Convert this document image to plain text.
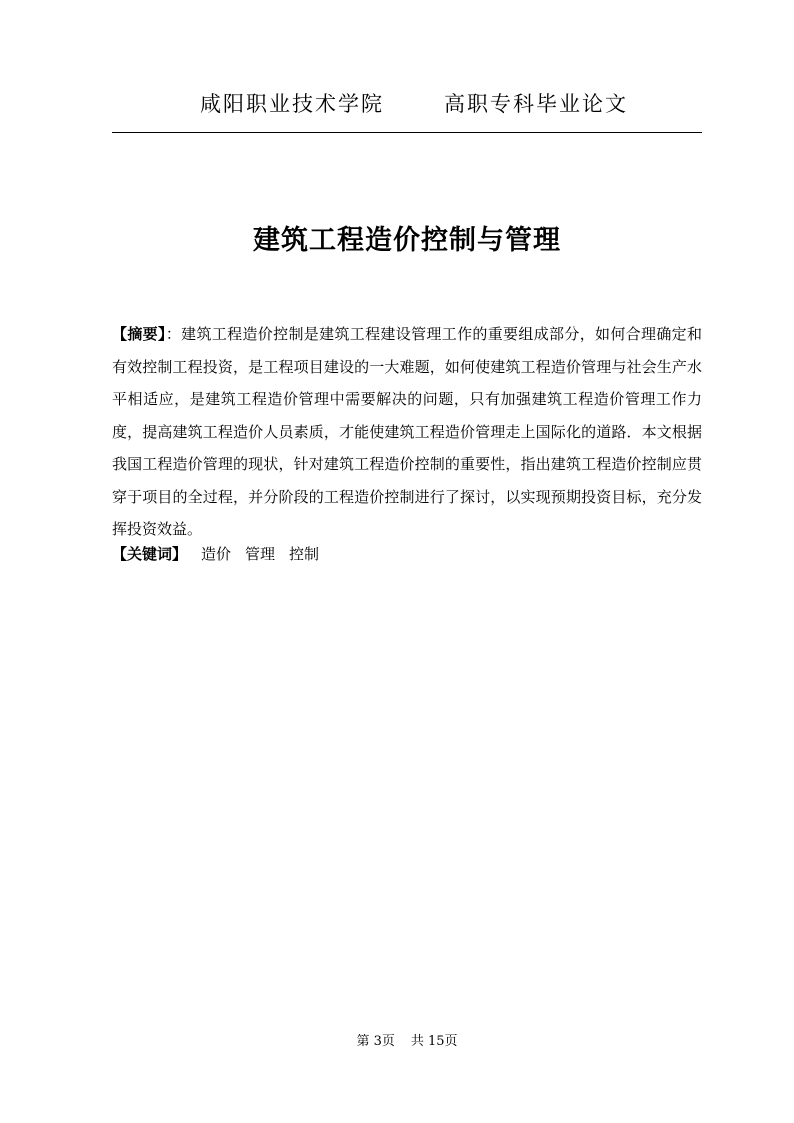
咸阳职业技术学院	高职专科毕业论文
建筑工程造价控制与管理
【摘要】：建筑工程造价控制是建筑工程建设管理工作的重要组成部分，如何合理确定和有效控制工程投资，是工程项目建设的一大难题，如何使建筑工程造价管理与社会生产水平相适应，是建筑工程造价管理中需要解决的问题，只有加强建筑工程造价管理工作力度，提高建筑工程造价人员素质，才能使建筑工程造价管理走上国际化的道路．本文根据我国工程造价管理的现状，针对建筑工程造价控制的重要性，指出建筑工程造价控制应贯穿于项目的全过程，并分阶段的工程造价控制进行了探讨，以实现预期投资目标，充分发挥投资效益。
【关键词】 造价 管理 控制
第 3页 共 15页
